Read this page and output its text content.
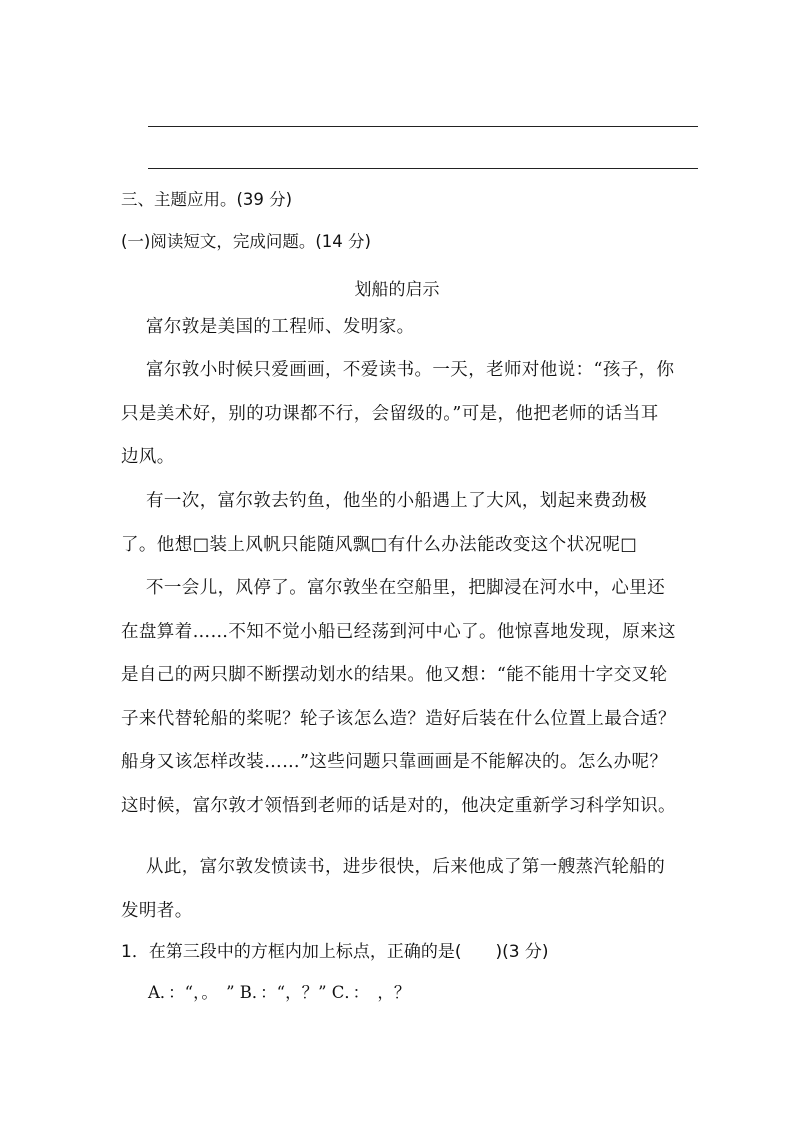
三、主题应用。(39 分)
(一)阅读短文，完成问题。(14 分)
划船的启示
富尔敦是美国的工程师、发明家。
富尔敦小时候只爱画画，不爱读书。一天，老师对他说：“孩子，你只是美术好，别的功课都不行，会留级的。”可是，他把老师的话当耳边风。
有一次，富尔敦去钓鱼，他坐的小船遇上了大风，划起来费劲极了。他想□装上风帆只能随风飘□有什么办法能改变这个状况呢□
不一会儿，风停了。富尔敦坐在空船里，把脚浸在河水中，心里还在盘算着……不知不觉小船已经荡到河中心了。他惊喜地发现，原来这是自己的两只脚不断摆动划水的结果。他又想：“能不能用十字交叉轮子来代替轮船的桨呢？轮子该怎么造？造好后装在什么位置上最合适？船身又该怎样改装……”这些问题只靠画画是不能解决的。怎么办呢？这时候，富尔敦才领悟到老师的话是对的，他决定重新学习科学知识。
从此，富尔敦发愤读书，进步很快，后来他成了第一艘蒸汽轮船的发明者。
1．在第三段中的方框内加上标点，正确的是(　　)(3 分)
A．：“，。　” B．：“，？” C．：　，？
